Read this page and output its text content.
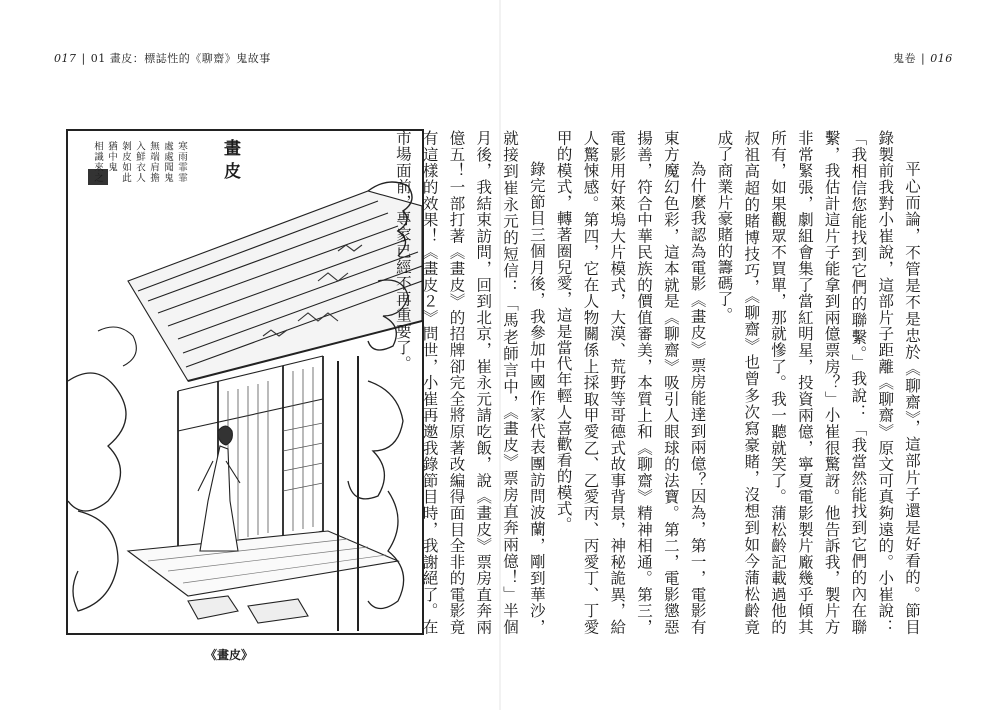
017 | 01 畫皮：標誌性的《聊齋》鬼故事
畫皮
寒雨霏霏
處處聞鬼
無端肩擔
入鮮衣人
剝皮如此
猶中鬼
相識來之
《畫皮》
鬼卷 | 016

平心而論，不管是不是忠於《聊齋》，這部片子還是好看的。節目錄製前我對小崔說，這部片子距離《聊齋》原文可真夠遠的。小崔說：「我相信您能找到它們的聯繫。」我說：「我當然能找到它們的內在聯繫，我估計這片子能拿到兩億票房？」小崔很驚訝。他告訴我，製片方非常緊張，劇組會集了當紅明星，投資兩億，寧夏電影製片廠幾乎傾其所有，如果觀眾不買單，那就慘了。我一聽就笑了。蒲松齡記載過他的叔祖高超的賭博技巧，《聊齋》也曾多次寫豪賭，沒想到如今蒲松齡竟成了商業片豪賭的籌碼了。

為什麼我認為電影《畫皮》票房能達到兩億？因為，第一，電影有東方魔幻色彩，這本就是《聊齋》吸引人眼球的法寶。第二，電影懲惡揚善，符合中華民族的價值審美，本質上和《聊齋》精神相通。第三，電影用好萊塢大片模式，大漠、荒野等哥德式故事背景，神秘詭異，給人驚悚感。第四，它在人物關係上採取甲愛乙、乙愛丙、丙愛丁、丁愛甲的模式，轉著圈兒愛，這是當代年輕人喜歡看的模式。

錄完節目三個月後，我參加中國作家代表團訪問波蘭，剛到華沙，就接到崔永元的短信：「馬老師言中，《畫皮》票房直奔兩億！」半個月後，我結束訪問，回到北京，崔永元請吃飯，說《畫皮》票房直奔兩億五！一部打著《畫皮》的招牌卻完全將原著改編得面目全非的電影竟有這樣的效果！《畫皮２》問世，小崔再邀我錄節目時，我謝絕了。在市場面前，專家已經不再重要了。
